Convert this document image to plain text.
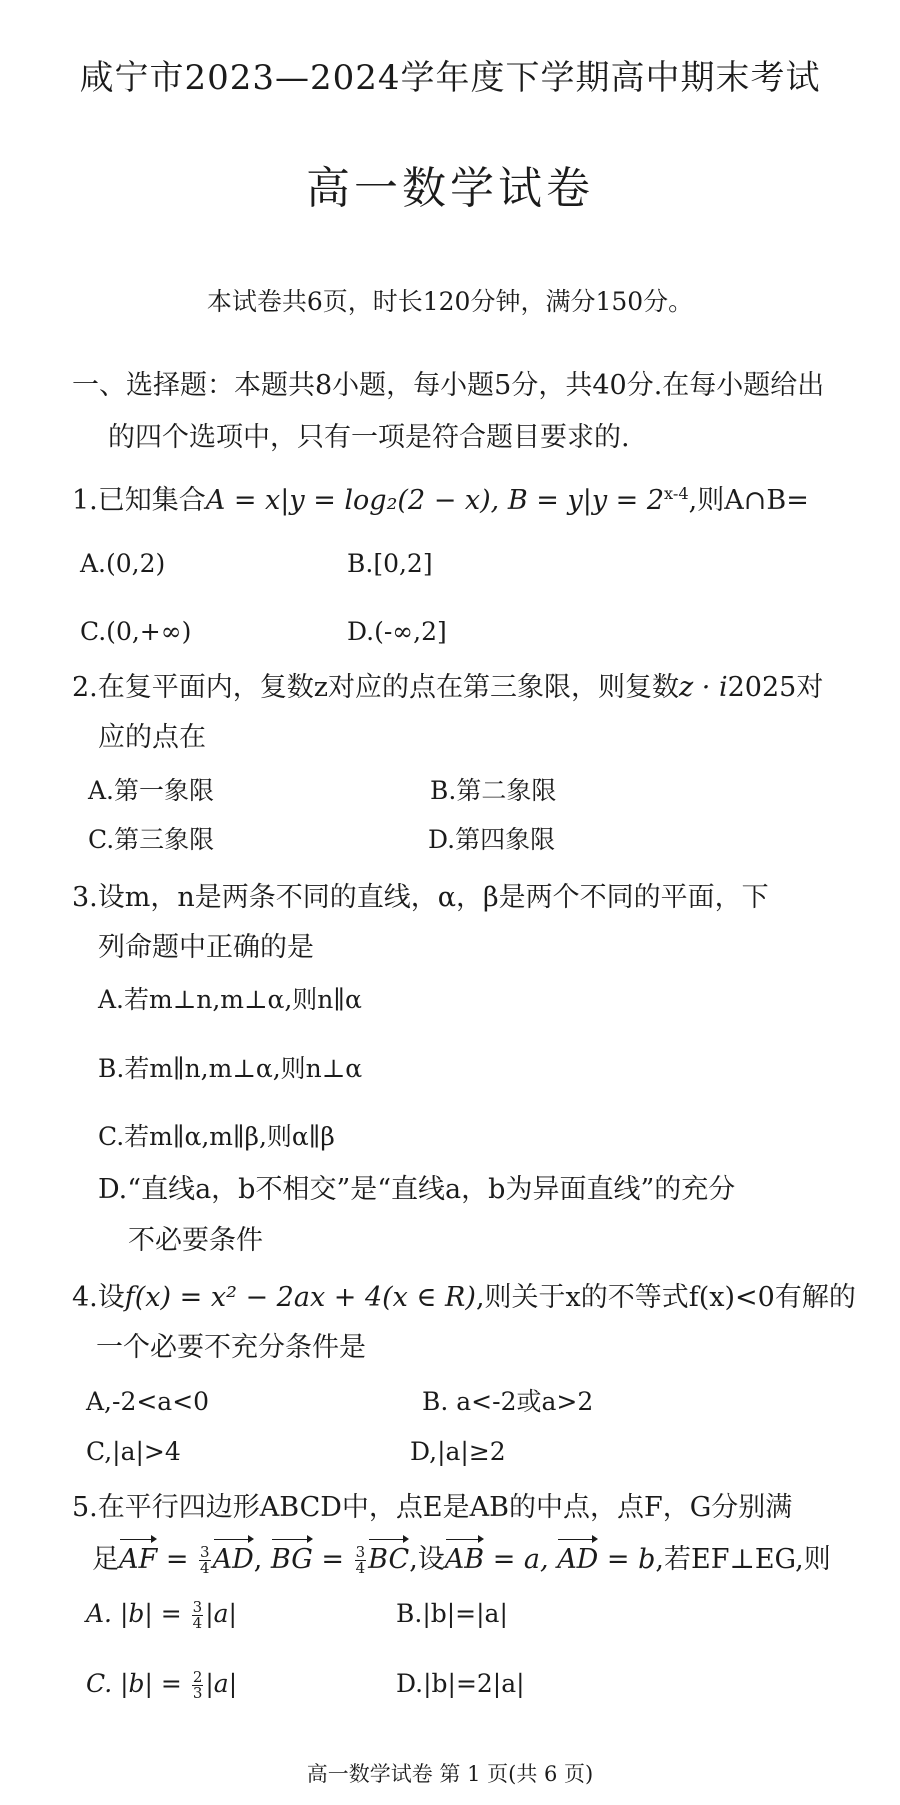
咸宁市2023—2024学年度下学期高中期末考试
高一数学试卷
本试卷共6页，时长120分钟，满分150分。
一、选择题：本题共8小题，每小题5分，共40分.在每小题给出
的四个选项中，只有一项是符合题目要求的.
1.已知集合A = x|y = log₂(2 − x), $B = y|y = 2^{x-4}$,则A∩B=
A.(0,2)	B.[0,2]
C.(0,+∞)	D.(-∞,2]
2.在复平面内，复数z对应的点在第三象限，则复数z · i2025对
应的点在
A.第一象限	B.第二象限
C.第三象限	D.第四象限
3.设m，n是两条不同的直线，α，β是两个不同的平面，下
列命题中正确的是
A.若m⊥n,m⊥α,则n∥α
B.若m∥n,m⊥α,则n⊥α
C.若m∥α,m∥β,则α∥β
D.“直线a，b不相交”是“直线a，b为异面直线”的充分
不必要条件
4.设f(x) = x² − 2ax + 4(x ∈ R),则关于x的不等式f(x)<0有解的
一个必要不充分条件是
A,-2<a<0	B. a<-2或a>2
C,|a|>4	D,|a|≥2
5.在平行四边形ABCD中，点E是AB的中点，点F，G分别满
足AF = $\frac{3}{4}$ AD, BG = $\frac{3}{4}$ BC,设AB = a, AD = b,若EF⊥EG,则
A. $|b| = \frac{3}{4} |a|$	B.|b|=|a|
C. $|b| = \frac{2}{3} |a|$	D.|b|=2|a|
高一数学试卷 第 1 页(共 6 页)
